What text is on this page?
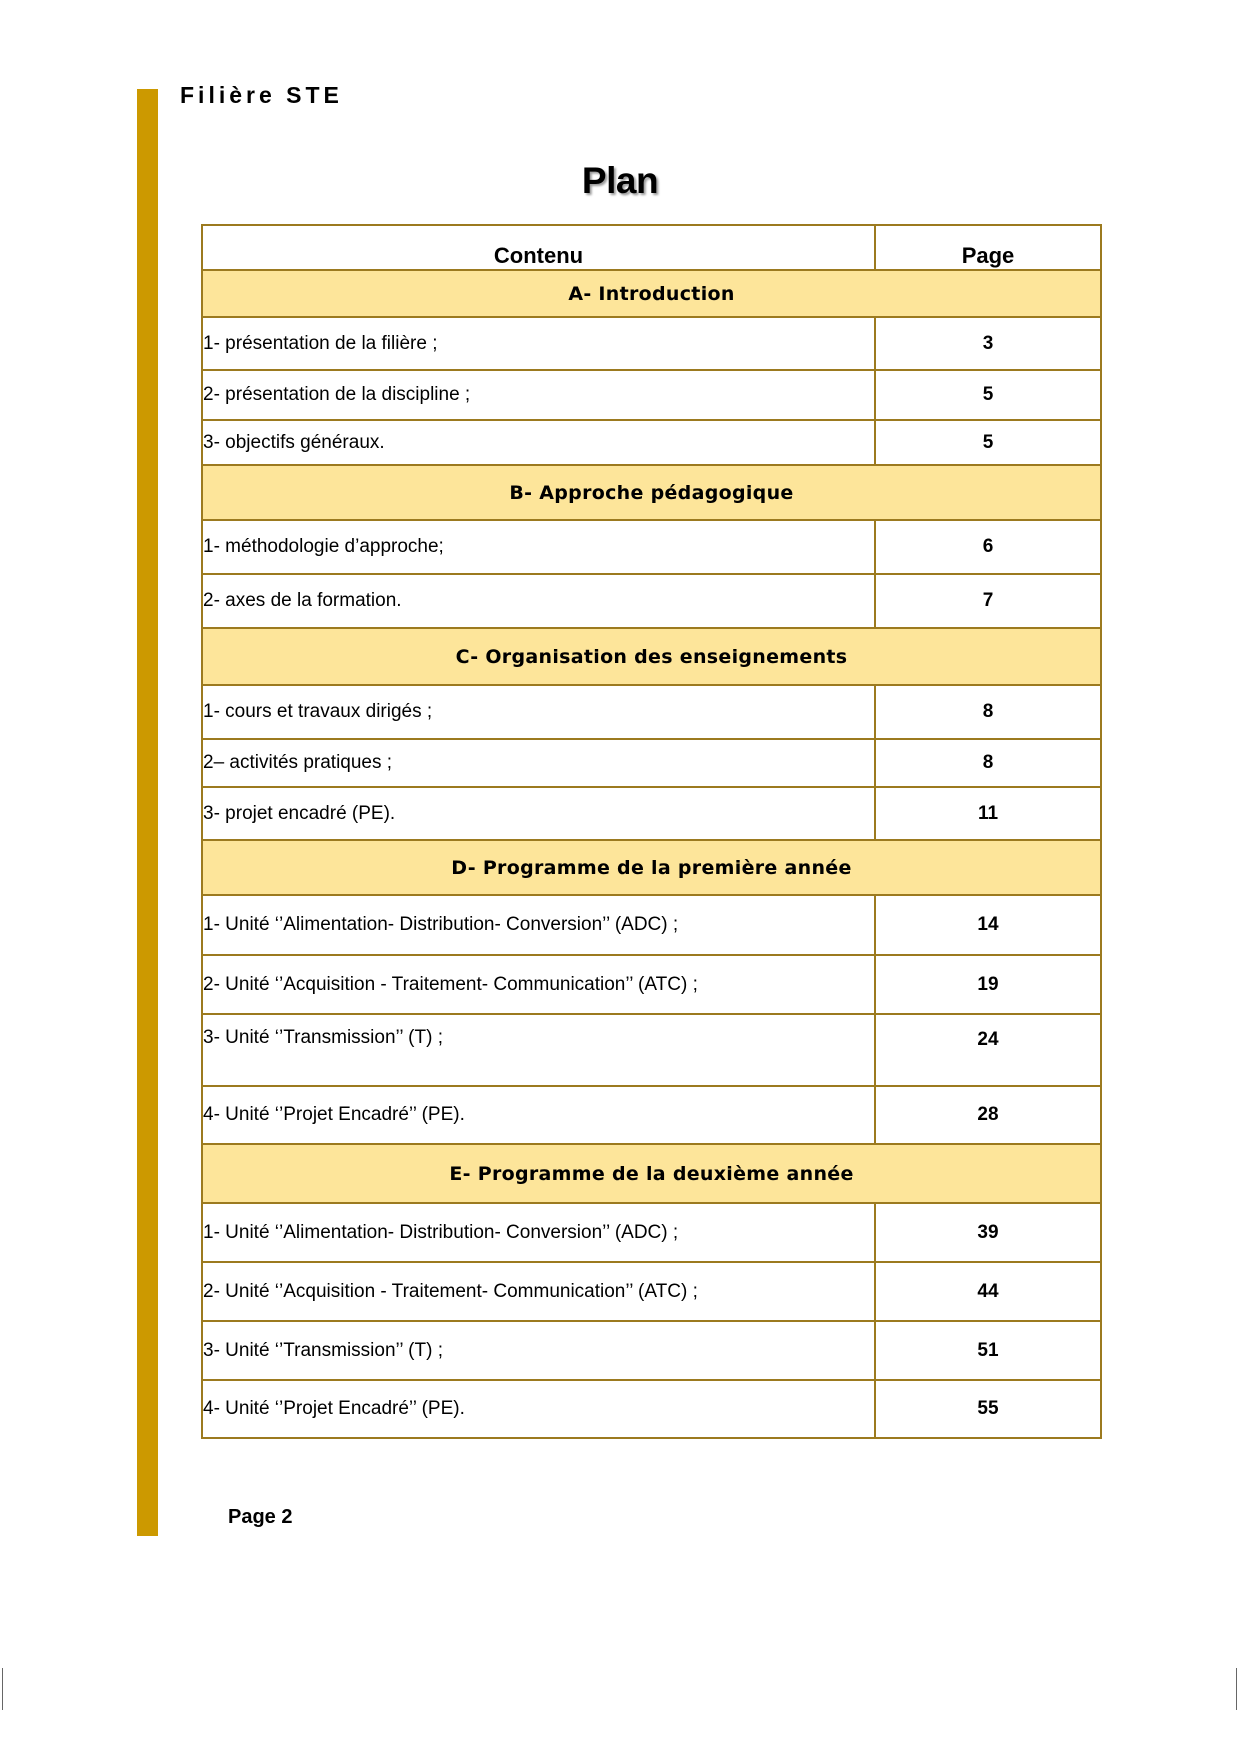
Filière STE
Plan
Contenu	Page
A- Introduction	
1- présentation de la filière ;	3
2- présentation de la discipline ;	5
3- objectifs généraux.	5
B- Approche pédagogique	
1- méthodologie d’approche;	6
2- axes de la formation.	7
C- Organisation des enseignements	
1- cours et travaux dirigés ;	8
2– activités pratiques ;	8
3- projet encadré (PE).	11
D- Programme de la première année	
1- Unité ‘’Alimentation- Distribution- Conversion’’ (ADC) ;	14
2- Unité ‘’Acquisition - Traitement- Communication’’ (ATC) ;	19
3- Unité ‘’Transmission’’ (T) ;	24
4- Unité ‘’Projet Encadré’’ (PE).	28
E- Programme de la deuxième année	
1- Unité ‘’Alimentation- Distribution- Conversion’’ (ADC) ;	39
2- Unité ‘’Acquisition - Traitement- Communication’’ (ATC) ;	44
3- Unité ‘’Transmission’’ (T) ;	51
4- Unité ‘’Projet Encadré’’ (PE).	55
Page 2
